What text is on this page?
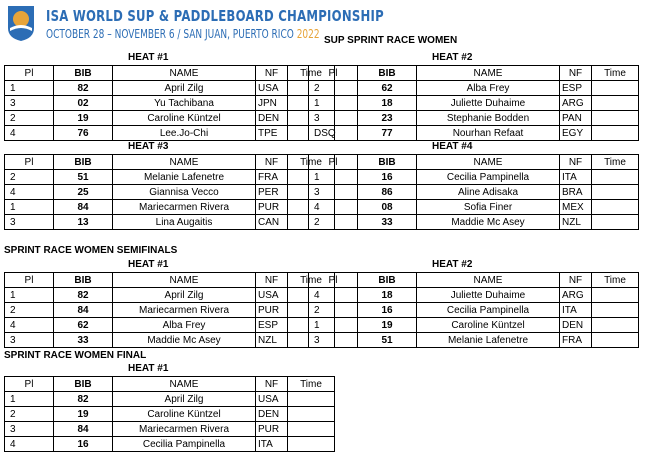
ISA WORLD SUP & PADDLEBOARD CHAMPIONSHIP
OCTOBER 28 – NOVEMBER 6 / SAN JUAN, PUERTO RICO 2022 SUP SPRINT RACE WOMEN
SPRINT RACE WOMEN SEMIFINALS
SPRINT RACE WOMEN FINAL
HEAT #1	HEAT #2
HEAT #3	HEAT #4
HEAT #1	HEAT #2
HEAT #1
Pl	BIB	NAME	NF	Time
1	82	April Zilg	USA	
3	02	Yu Tachibana	JPN	
2	19	Caroline Küntzel	DEN	
4	76	Lee.Jo-Chi	TPE	
Pl	BIB	NAME	NF	Time
2	62	Alba Frey	ESP	
1	18	Juliette Duhaime	ARG	
3	23	Stephanie Bodden	PAN	
DSQ	77	Nourhan Refaat	EGY	
Pl	BIB	NAME	NF	Time
2	51	Melanie Lafenetre	FRA	
4	25	Giannisa Vecco	PER	
1	84	Mariecarmen Rivera	PUR	
3	13	Lina Augaitis	CAN	
Pl	BIB	NAME	NF	Time
1	16	Cecilia Pampinella	ITA	
3	86	Aline Adisaka	BRA	
4	08	Sofia Finer	MEX	
2	33	Maddie Mc Asey	NZL	
Pl	BIB	NAME	NF	Time
1	82	April Zilg	USA	
2	84	Mariecarmen Rivera	PUR	
4	62	Alba Frey	ESP	
3	33	Maddie Mc Asey	NZL	
Pl	BIB	NAME	NF	Time
4	18	Juliette Duhaime	ARG	
2	16	Cecilia Pampinella	ITA	
1	19	Caroline Küntzel	DEN	
3	51	Melanie Lafenetre	FRA	
Pl	BIB	NAME	NF	Time
1	82	April Zilg	USA	
2	19	Caroline Küntzel	DEN	
3	84	Mariecarmen Rivera	PUR	
4	16	Cecilia Pampinella	ITA	
